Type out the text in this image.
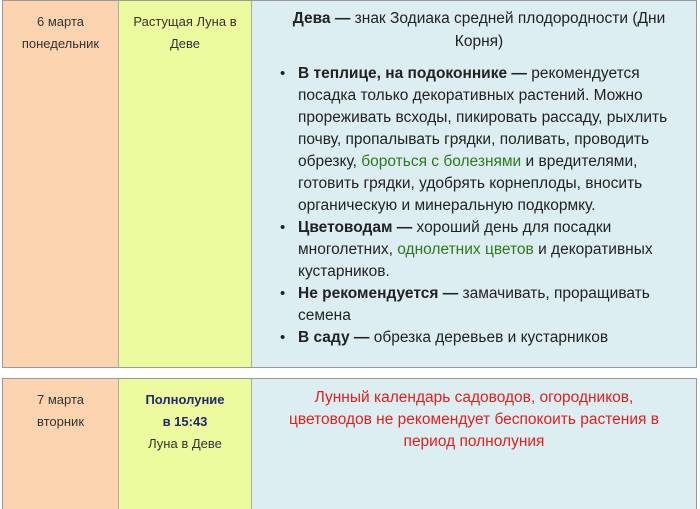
6 марта
понедельник
Растущая Луна в
Деве

Дева — знак Зодиака средней плодородности (Дни Корня)

• В теплице, на подоконнике — рекомендуется посадка только декоративных растений. Можно прореживать всходы, пикировать рассаду, рыхлить почву, пропалывать грядки, поливать, проводить обрезку, бороться с болезнями и вредителями, готовить грядки, удобрять корнеплоды, вносить органическую и минеральную подкормку.
• Цветоводам — хороший день для посадки многолетних, однолетних цветов и декоративных кустарников.
• Не рекомендуется — замачивать, проращивать семена
• В саду — обрезка деревьев и кустарников
7 марта
вторник
Полнолуние
в 15:43
Луна в Деве
Лунный календарь садоводов, огородников, цветоводов не рекомендует беспокоить растения в период полнолуния
